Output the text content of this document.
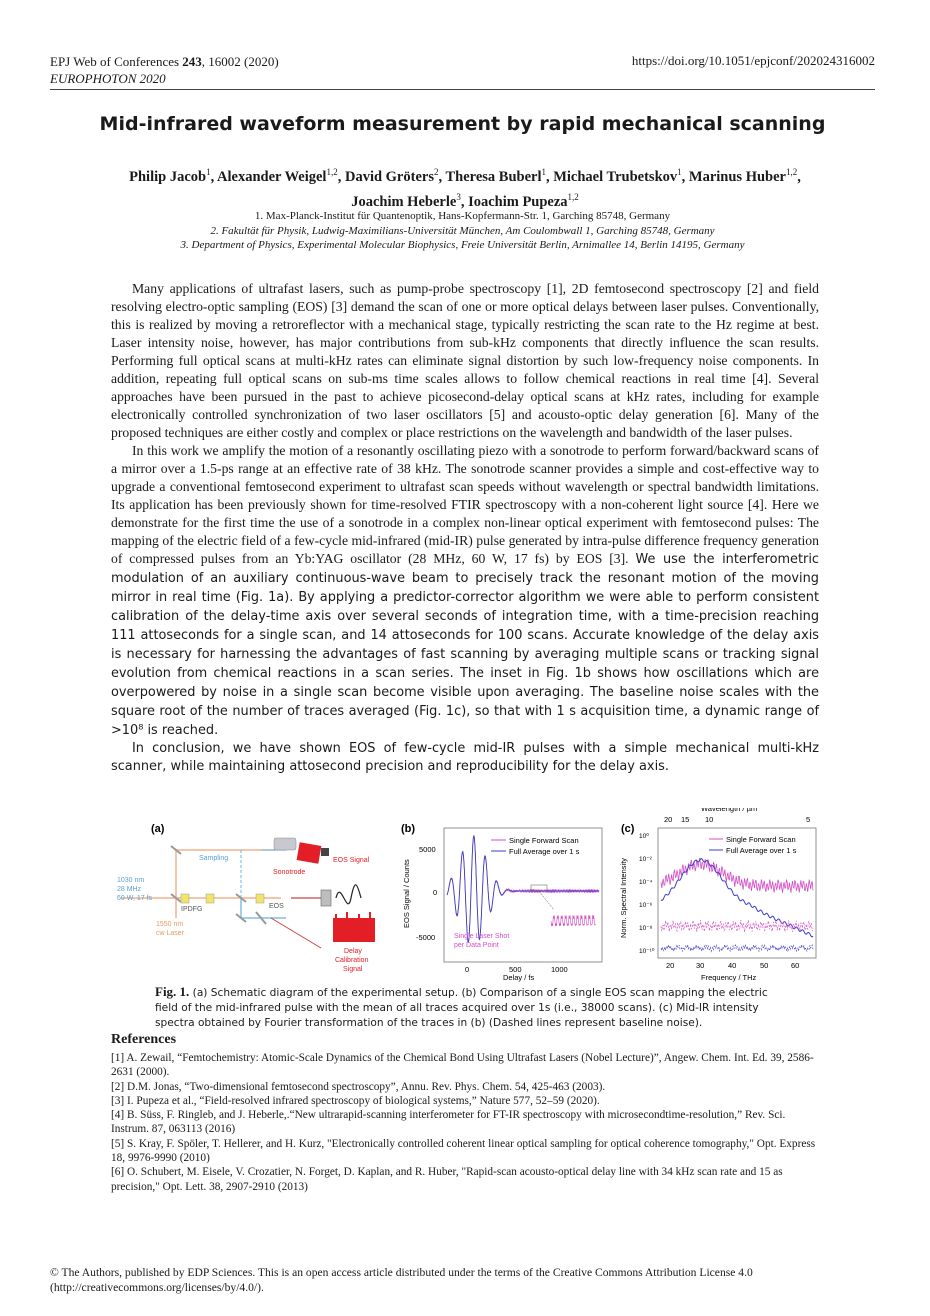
EPJ Web of Conferences 243, 16002 (2020)
EUROPHOTON 2020
https://doi.org/10.1051/epjconf/202024316002
Mid-infrared waveform measurement by rapid mechanical scanning
Philip Jacob$^1$, Alexander Weigel$^{1,2}$, David Gröters$^2$, Theresa Buberl$^1$, Michael Trubetskov$^1$, Marinus Huber$^{1,2}$, Joachim Heberle$^3$, Ioachim Pupeza$^{1,2}$
1. Max-Planck-Institut für Quantenoptik, Hans-Kopfermann-Str. 1, Garching 85748, Germany
2. Fakultät für Physik, Ludwig-Maximilians-Universität München, Am Coulombwall 1, Garching 85748, Germany
3. Department of Physics, Experimental Molecular Biophysics, Freie Universität Berlin, Arnimallee 14, Berlin 14195, Germany

Many applications of ultrafast lasers, such as pump-probe spectroscopy [1], 2D femtosecond spectroscopy [2] and field resolving electro-optic sampling (EOS) [3] demand the scan of one or more optical delays between laser pulses. Conventionally, this is realized by moving a retroreflector with a mechanical stage, typically restricting the scan rate to the Hz regime at best. Laser intensity noise, however, has major contributions from sub-kHz components that directly influence the scan results. Performing full optical scans at multi-kHz rates can eliminate signal distortion by such low-frequency noise components. In addition, repeating full optical scans on sub-ms time scales allows to follow chemical reactions in real time [4]. Several approaches have been pursued in the past to achieve picosecond-delay optical scans at kHz rates, including for example electronically controlled synchronization of two laser oscillators [5] and acousto-optic delay generation [6]. Many of the proposed techniques are either costly and complex or place restrictions on the wavelength and bandwidth of the laser pulses.

In this work we amplify the motion of a resonantly oscillating piezo with a sonotrode to perform forward/backward scans of a mirror over a 1.5-ps range at an effective rate of 38 kHz. The sonotrode scanner provides a simple and cost-effective way to upgrade a conventional femtosecond experiment to ultrafast scan speeds without wavelength or spectral bandwidth limitations. Its application has been previously shown for time-resolved FTIR spectroscopy with a non-coherent light source [4]. Here we demonstrate for the first time the use of a sonotrode in a complex non-linear optical experiment with femtosecond pulses: The mapping of the electric field of a few-cycle mid-infrared (mid-IR) pulse generated by intra-pulse difference frequency generation of compressed pulses from an Yb:YAG oscillator (28 MHz, 60 W, 17 fs) by EOS [3]. We use the interferometric modulation of an auxiliary continuous-wave beam to precisely track the resonant motion of the moving mirror in real time (Fig. 1a). By applying a predictor-corrector algorithm we were able to perform consistent calibration of the delay-time axis over several seconds of integration time, with a time-precision reaching 111 attoseconds for a single scan, and 14 attoseconds for 100 scans. Accurate knowledge of the delay axis is necessary for harnessing the advantages of fast scanning by averaging multiple scans or tracking signal evolution from chemical reactions in a scan series. The inset in Fig. 1b shows how oscillations which are overpowered by noise in a single scan become visible upon averaging. The baseline noise scales with the square root of the number of traces averaged (Fig. 1c), so that with 1 s acquisition time, a dynamic range of >10⁸ is reached.

In conclusion, we have shown EOS of few-cycle mid-IR pulses with a simple mechanical multi-kHz scanner, while maintaining attosecond precision and reproducibility for the delay axis.

(a)
1030 nm
28 MHz
60 W, 17 fs
1550 nm
cw Laser
IPDFG
Sampling
Sonotrode
EOS
EOS Signal
Delay
Calibration
Signal
(b)
EOS Signal / Counts
Delay / fs
5000
0
-5000
0	500	1000
Single Forward Scan
Full Average over 1 s
Single Laser Shot
per Data Point
(c)
Wavelength / µm
20 15 10	5
Norm. Spectral Intensity
Frequency / THz
10⁰
10⁻²
10⁻⁴
10⁻⁶
10⁻⁸
10⁻¹⁰
20	30	40	50	60
Single Forward Scan
Full Average over 1 s
Fig. 1. (a) Schematic diagram of the experimental setup. (b) Comparison of a single EOS scan mapping the electric field of the mid-infrared pulse with the mean of all traces acquired over 1s (i.e., 38000 scans). (c) Mid-IR intensity spectra obtained by Fourier transformation of the traces in (b) (Dashed lines represent baseline noise).
References
[1] A. Zewail, “Femtochemistry: Atomic-Scale Dynamics of the Chemical Bond Using Ultrafast Lasers (Nobel Lecture)”, Angew. Chem. Int. Ed. 39, 2586-2631 (2000).
[2] D.M. Jonas, “Two-dimensional femtosecond spectroscopy”, Annu. Rev. Phys. Chem. 54, 425-463 (2003).
[3] I. Pupeza et al., “Field-resolved infrared spectroscopy of biological systems,” Nature 577, 52–59 (2020).
[4] B. Süss, F. Ringleb, and J. Heberle,.“New ultrarapid-scanning interferometer for FT-IR spectroscopy with microsecondtime-resolution,” Rev. Sci. Instrum. 87, 063113 (2016)
[5] S. Kray, F. Spöler, T. Hellerer, and H. Kurz, "Electronically controlled coherent linear optical sampling for optical coherence tomography," Opt. Express 18, 9976-9990 (2010)
[6] O. Schubert, M. Eisele, V. Crozatier, N. Forget, D. Kaplan, and R. Huber, "Rapid-scan acousto-optical delay line with 34 kHz scan rate and 15 as precision," Opt. Lett. 38, 2907-2910 (2013)
© The Authors, published by EDP Sciences. This is an open access article distributed under the terms of the Creative Commons Attribution License 4.0 (http://creativecommons.org/licenses/by/4.0/).
